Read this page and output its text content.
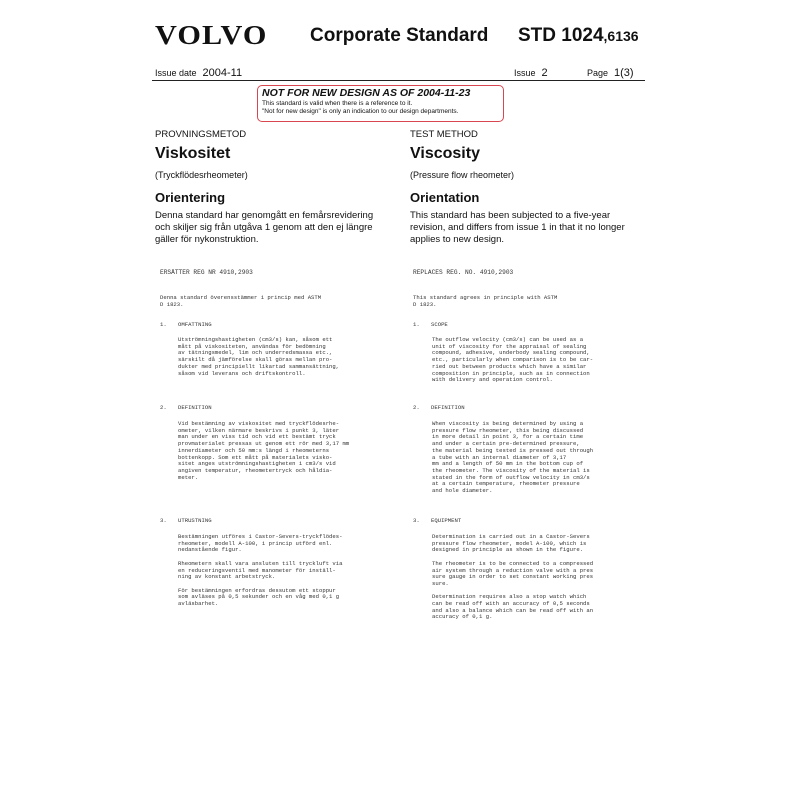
VOLVO Corporate Standard STD 1024,6136
Issue date 2004-11	Issue 2	Page 1(3)
NOT FOR NEW DESIGN AS OF 2004-11-23
This standard is valid when there is a reference to it.
"Not for new design" is only an indication to our design departments.
PROVNINGSMETOD
Viskositet
(Tryckflödesrheometer)
Orientering
Denna standard har genomgått en femårsrevidering och skiljer sig från utgåva 1 genom att den ej längre gäller för nykonstruktion.
ERSÄTTER REG NR 4910,2903
Denna standard överensstämmer i princip med ASTM
D 1823.
1. OMFATTNING
Utströmningshastigheten (cm3/s) kan, såsom ett
mått på viskositeten, användas för bedömning
av tätningsmedel, lim och underredsmassa etc.,
särskilt då jämförelse skall göras mellan pro-
dukter med principiellt likartad sammansättning,
såsom vid leverans och driftskontroll.
2. DEFINITION
Vid bestämning av viskositet med tryckflödesrhe-
ometer, vilken närmare beskrivs i punkt 3, läter
man under en viss tid och vid ett bestämt tryck
provmaterialet pressas ut genom ett rör med 3,17 mm
innerdiameter och 50 mm:s längd i rheometerns
bottenkopp. Som ett mått på materialets visko-
sitet anges utströmningshastigheten i cm3/s vid
angiven temperatur, rheometertryck och håldia-
meter.
3. UTRUSTNING
Bestämningen utföres i Castor-Severs-tryckflödes-
rheometer, modell A-100, i princip utförd enl.
nedanstående figur.

Rheometern skall vara ansluten till tryckluft via
en reduceringsventil med manometer för inställ-
ning av konstant arbetstryck.

För bestämningen erfordras dessutom ett stoppur
som avläses på 0,5 sekunder och en våg med 0,1 g
avläsbarhet.
TEST METHOD
Viscosity
(Pressure flow rheometer)
Orientation
This standard has been subjected to a five-year revision, and differs from issue 1 in that it no longer applies to new design.
REPLACES REG. NO. 4910,2903
This standard agrees in principle with ASTM
D 1823.
1. SCOPE
The outflow velocity (cm3/s) can be used as a
unit of viscosity for the appraisal of sealing
compound, adhesive, underbody sealing compound,
etc., particularly when comparison is to be car-
ried out between products which have a similar
composition in principle, such as in connection
with delivery and operation control.
2. DEFINITION
When viscosity is being determined by using a
pressure flow rheometer, this being discussed
in more detail in point 3, for a certain time
and under a certain pre-determined pressure,
the material being tested is pressed out through
a tube with an internal diameter of 3,17
mm and a length of 50 mm in the bottom cup of
the rheometer. The viscosity of the material is
stated in the form of outflow velocity in cm3/s
at a certain temperature, rheometer pressure
and hole diameter.
3. EQUIPMENT
Determination is carried out in a Castor-Severs
pressure flow rheometer, model A-100, which is
designed in principle as shown in the figure.

The rheometer is to be connected to a compressed
air system through a reduction valve with a pres
sure gauge in order to set constant working pres
sure.

Determination requires also a stop watch which
can be read off with an accuracy of 0,5 seconds
and also a balance which can be read off with an
accuracy of 0,1 g.
